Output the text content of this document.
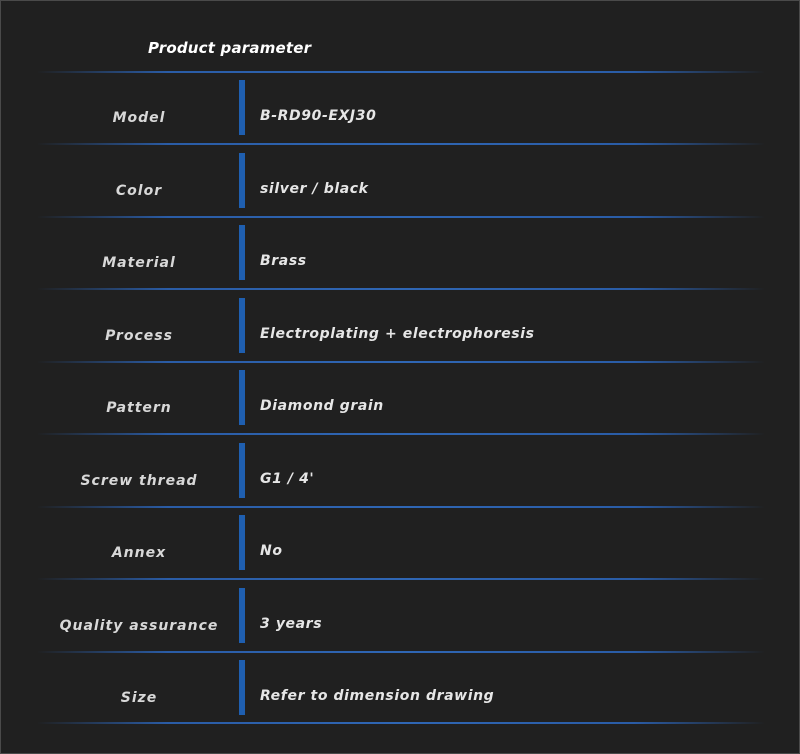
Product parameter
Model	B-RD90-EXJ30
Color	silver / black
Material	Brass
Process	Electroplating + electrophoresis
Pattern	Diamond grain
Screw thread	G1 / 4'
Annex	No
Quality assurance	3 years
Size	Refer to dimension drawing
